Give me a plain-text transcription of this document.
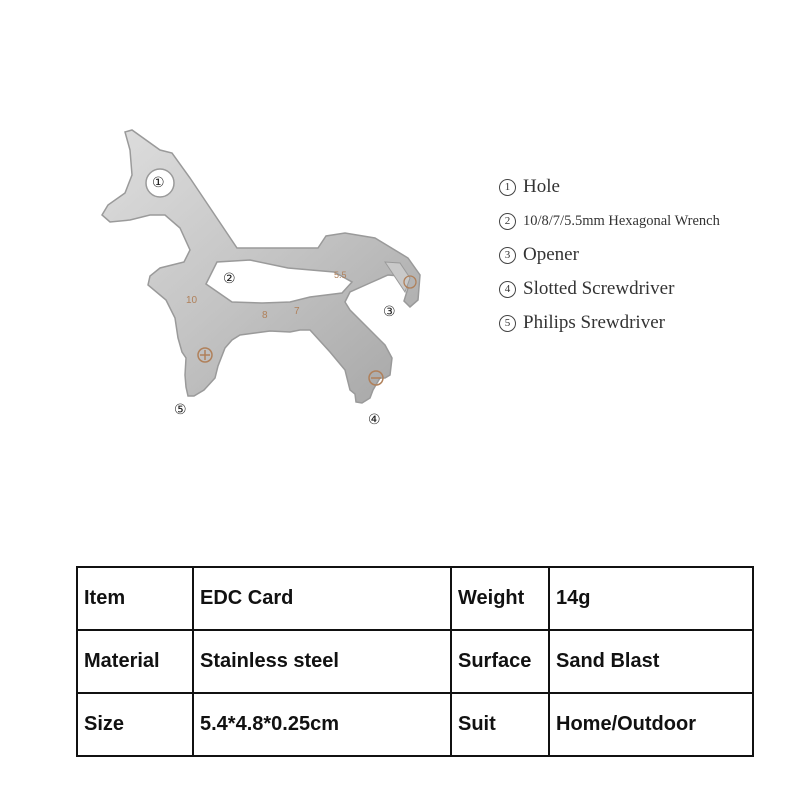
10
8	7
5.5
①
②
③
④
⑤
1 Hole
2 10/8/7/5.5mm Hexagonal Wrench
3 Opener
4 Slotted Screwdriver
5 Philips Srewdriver
Item	EDC Card	Weight	14g
Material	Stainless steel	Surface	Sand Blast
Size	5.4*4.8*0.25cm	Suit	Home/Outdoor
